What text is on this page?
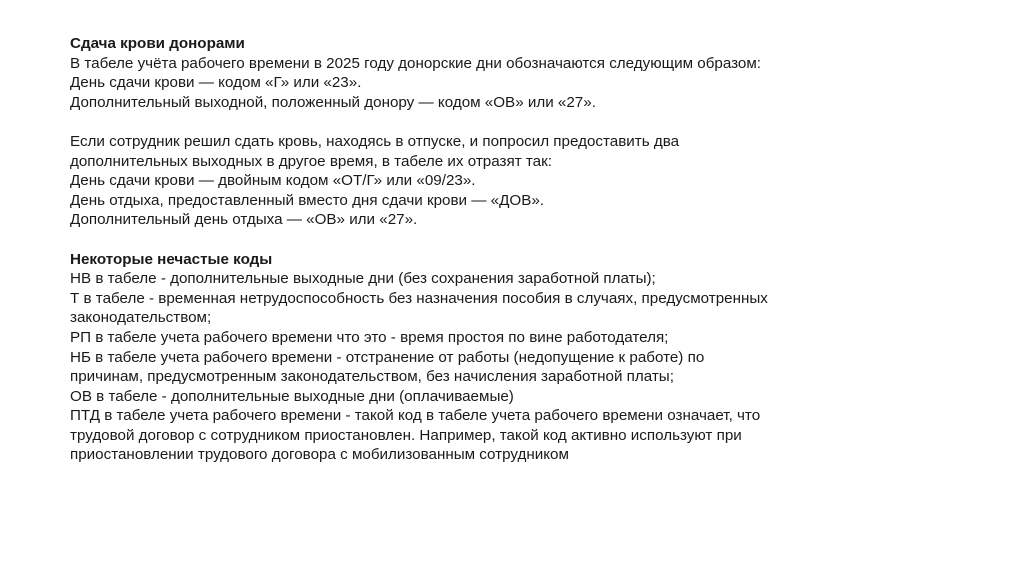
Сдача крови донорами
В табеле учёта рабочего времени в 2025 году донорские дни обозначаются следующим образом:
День сдачи крови — кодом «Г» или «23».
Дополнительный выходной, положенный донору — кодом «ОВ» или «27».
Если сотрудник решил сдать кровь, находясь в отпуске, и попросил предоставить два
дополнительных выходных в другое время, в табеле их отразят так:
День сдачи крови — двойным кодом «ОТ/Г» или «09/23».
День отдыха, предоставленный вместо дня сдачи крови — «ДОВ».
Дополнительный день отдыха — «ОВ» или «27».
Некоторые нечастые коды
НВ в табеле - дополнительные выходные дни (без сохранения заработной платы);
Т в табеле - временная нетрудоспособность без назначения пособия в случаях, предусмотренных
законодательством;
РП в табеле учета рабочего времени что это - время простоя по вине работодателя;
НБ в табеле учета рабочего времени - отстранение от работы (недопущение к работе) по
причинам, предусмотренным законодательством, без начисления заработной платы;
ОВ в табеле - дополнительные выходные дни (оплачиваемые)
ПТД в табеле учета рабочего времени - такой код в табеле учета рабочего времени означает, что
трудовой договор с сотрудником приостановлен. Например, такой код активно используют при
приостановлении трудового договора с мобилизованным сотрудником
